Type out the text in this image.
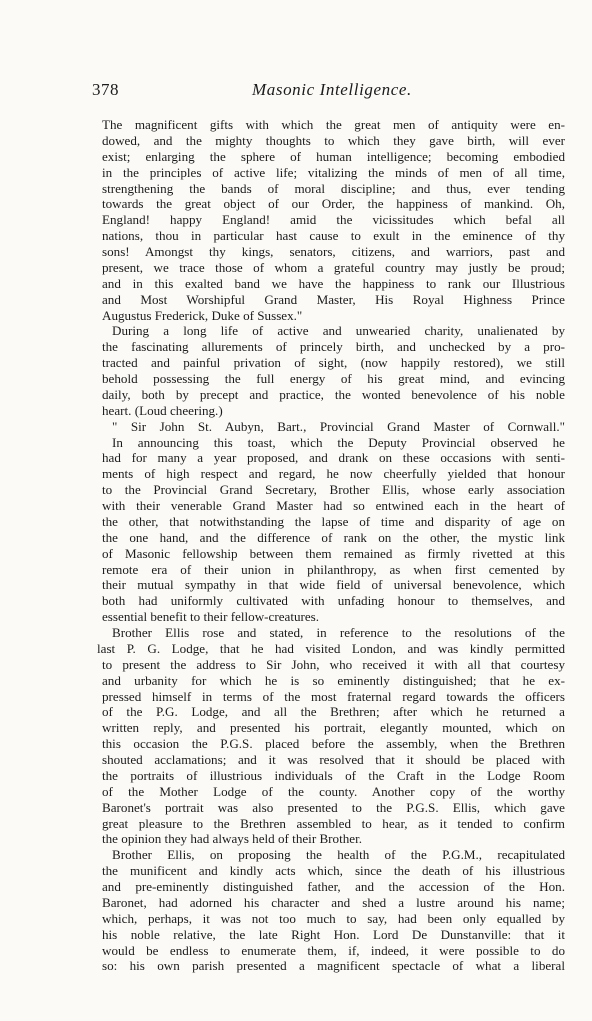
378	Masonic Intelligence.
The magnificent gifts with which the great men of antiquity were en-
dowed, and the mighty thoughts to which they gave birth, will ever
exist; enlarging the sphere of human intelligence; becoming embodied
in the principles of active life; vitalizing the minds of men of all time,
strengthening the bands of moral discipline; and thus, ever tending
towards the great object of our Order, the happiness of mankind. Oh,
England! happy England! amid the vicissitudes which befal all
nations, thou in particular hast cause to exult in the eminence of thy
sons! Amongst thy kings, senators, citizens, and warriors, past and
present, we trace those of whom a grateful country may justly be proud;
and in this exalted band we have the happiness to rank our Illustrious
and Most Worshipful Grand Master, His Royal Highness Prince
Augustus Frederick, Duke of Sussex."
During a long life of active and unwearied charity, unalienated by
the fascinating allurements of princely birth, and unchecked by a pro-
tracted and painful privation of sight, (now happily restored), we still
behold possessing the full energy of his great mind, and evincing
daily, both by precept and practice, the wonted benevolence of his noble
heart. (Loud cheering.)
" Sir John St. Aubyn, Bart., Provincial Grand Master of Cornwall."
In announcing this toast, which the Deputy Provincial observed he
had for many a year proposed, and drank on these occasions with senti-
ments of high respect and regard, he now cheerfully yielded that honour
to the Provincial Grand Secretary, Brother Ellis, whose early association
with their venerable Grand Master had so entwined each in the heart of
the other, that notwithstanding the lapse of time and disparity of age on
the one hand, and the difference of rank on the other, the mystic link
of Masonic fellowship between them remained as firmly rivetted at this
remote era of their union in philanthropy, as when first cemented by
their mutual sympathy in that wide field of universal benevolence, which
both had uniformly cultivated with unfading honour to themselves, and
essential benefit to their fellow-creatures.
Brother Ellis rose and stated, in reference to the resolutions of the
last P. G. Lodge, that he had visited London, and was kindly permitted
to present the address to Sir John, who received it with all that courtesy
and urbanity for which he is so eminently distinguished; that he ex-
pressed himself in terms of the most fraternal regard towards the officers
of the P.G. Lodge, and all the Brethren; after which he returned a
written reply, and presented his portrait, elegantly mounted, which on
this occasion the P.G.S. placed before the assembly, when the Brethren
shouted acclamations; and it was resolved that it should be placed with
the portraits of illustrious individuals of the Craft in the Lodge Room
of the Mother Lodge of the county. Another copy of the worthy
Baronet's portrait was also presented to the P.G.S. Ellis, which gave
great pleasure to the Brethren assembled to hear, as it tended to confirm
the opinion they had always held of their Brother.
Brother Ellis, on proposing the health of the P.G.M., recapitulated
the munificent and kindly acts which, since the death of his illustrious
and pre-eminently distinguished father, and the accession of the Hon.
Baronet, had adorned his character and shed a lustre around his name;
which, perhaps, it was not too much to say, had been only equalled by
his noble relative, the late Right Hon. Lord De Dunstanville: that it
would be endless to enumerate them, if, indeed, it were possible to do
so: his own parish presented a magnificent spectacle of what a liberal
